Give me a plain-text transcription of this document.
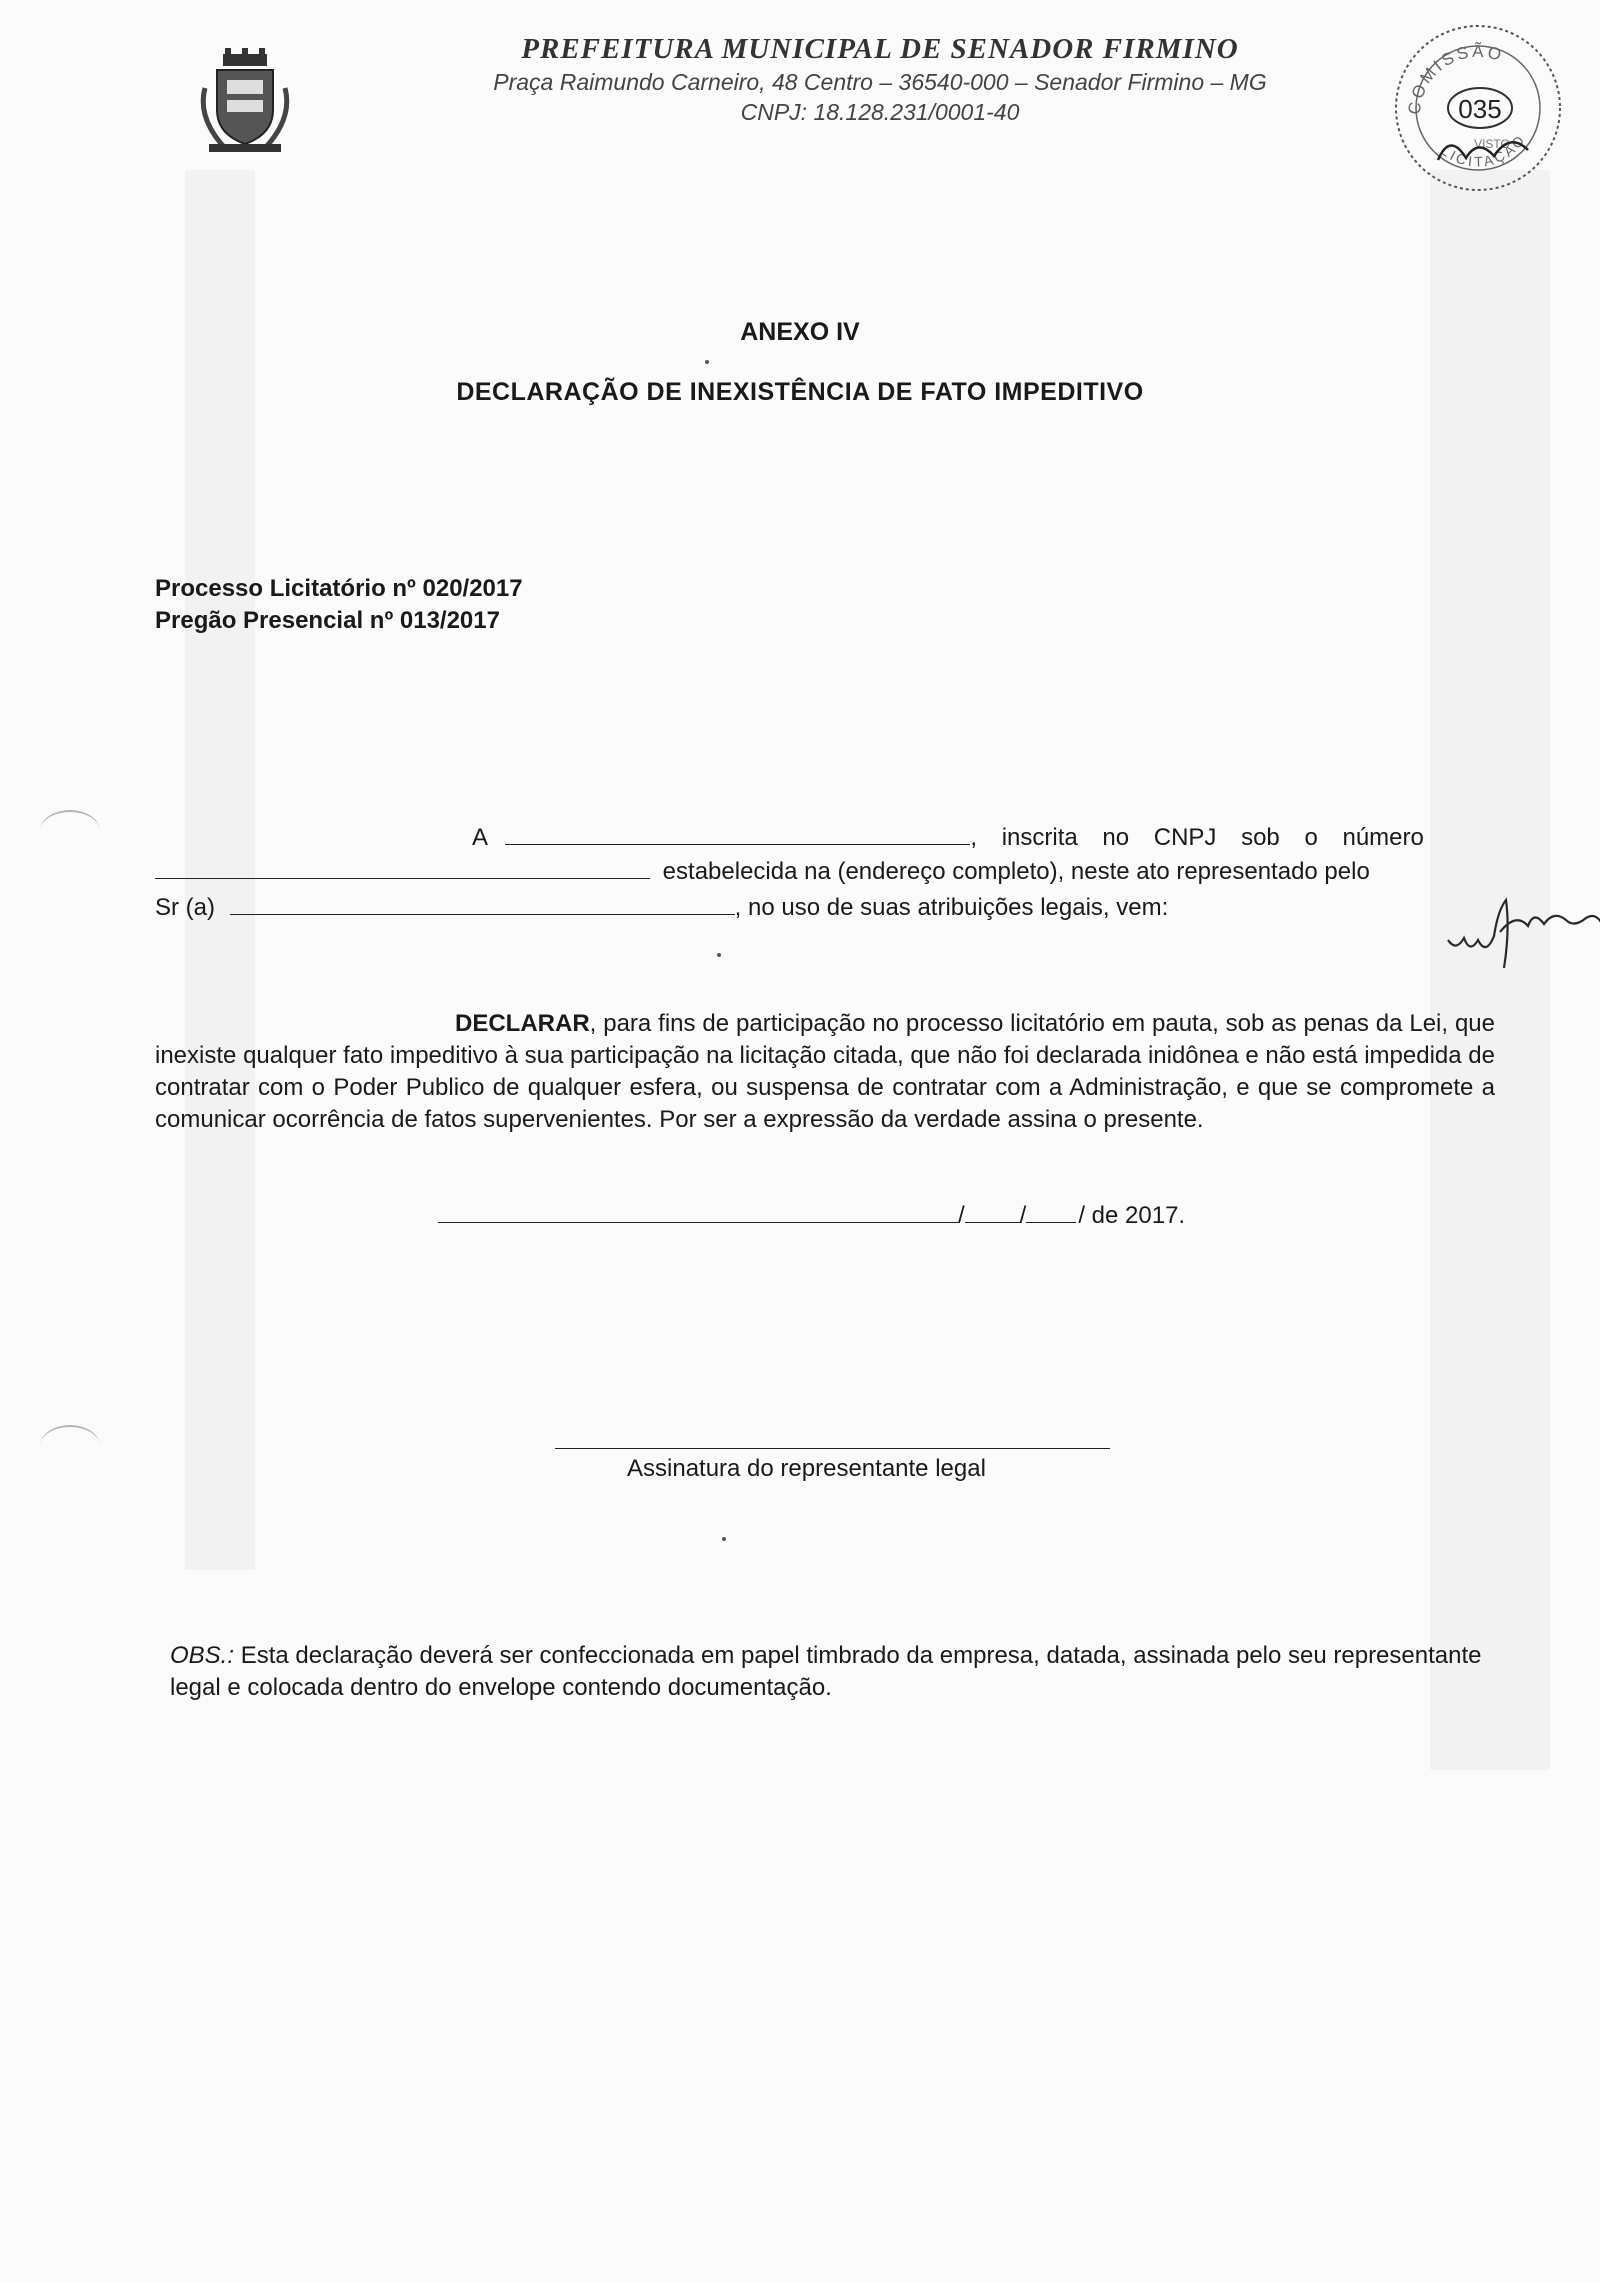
PREFEITURA MUNICIPAL DE SENADOR FIRMINO

Praça Raimundo Carneiro, 48 Centro – 36540-000 – Senador Firmino – MG

CNPJ: 18.128.231/0001-40	COMISSÃO
LICITAÇÃO
035
VISTO

ANEXO IV

DECLARAÇÃO DE INEXISTÊNCIA DE FATO IMPEDITIVO

Processo Licitatório nº 020/2017

Pregão Presencial nº 013/2017

A	, inscrita no CNPJ sob o número

estabelecida na (endereço completo), neste ato representado pelo

Sr (a)	, no uso de suas atribuições legais, vem:

DECLARAR, para fins de participação no processo licitatório em pauta, sob as penas da Lei, que inexiste qualquer fato impeditivo à sua participação na licitação citada, que não foi declarada inidônea e não está impedida de contratar com o Poder Publico de qualquer esfera, ou suspensa de contratar com a Administração, e que se compromete a comunicar ocorrência de fatos supervenientes. Por ser a expressão da verdade assina o presente.

/ / / de 2017.

Assinatura do representante legal

OBS.: Esta declaração deverá ser confeccionada em papel timbrado da empresa, datada, assinada pelo seu representante legal e colocada dentro do envelope contendo documentação.
